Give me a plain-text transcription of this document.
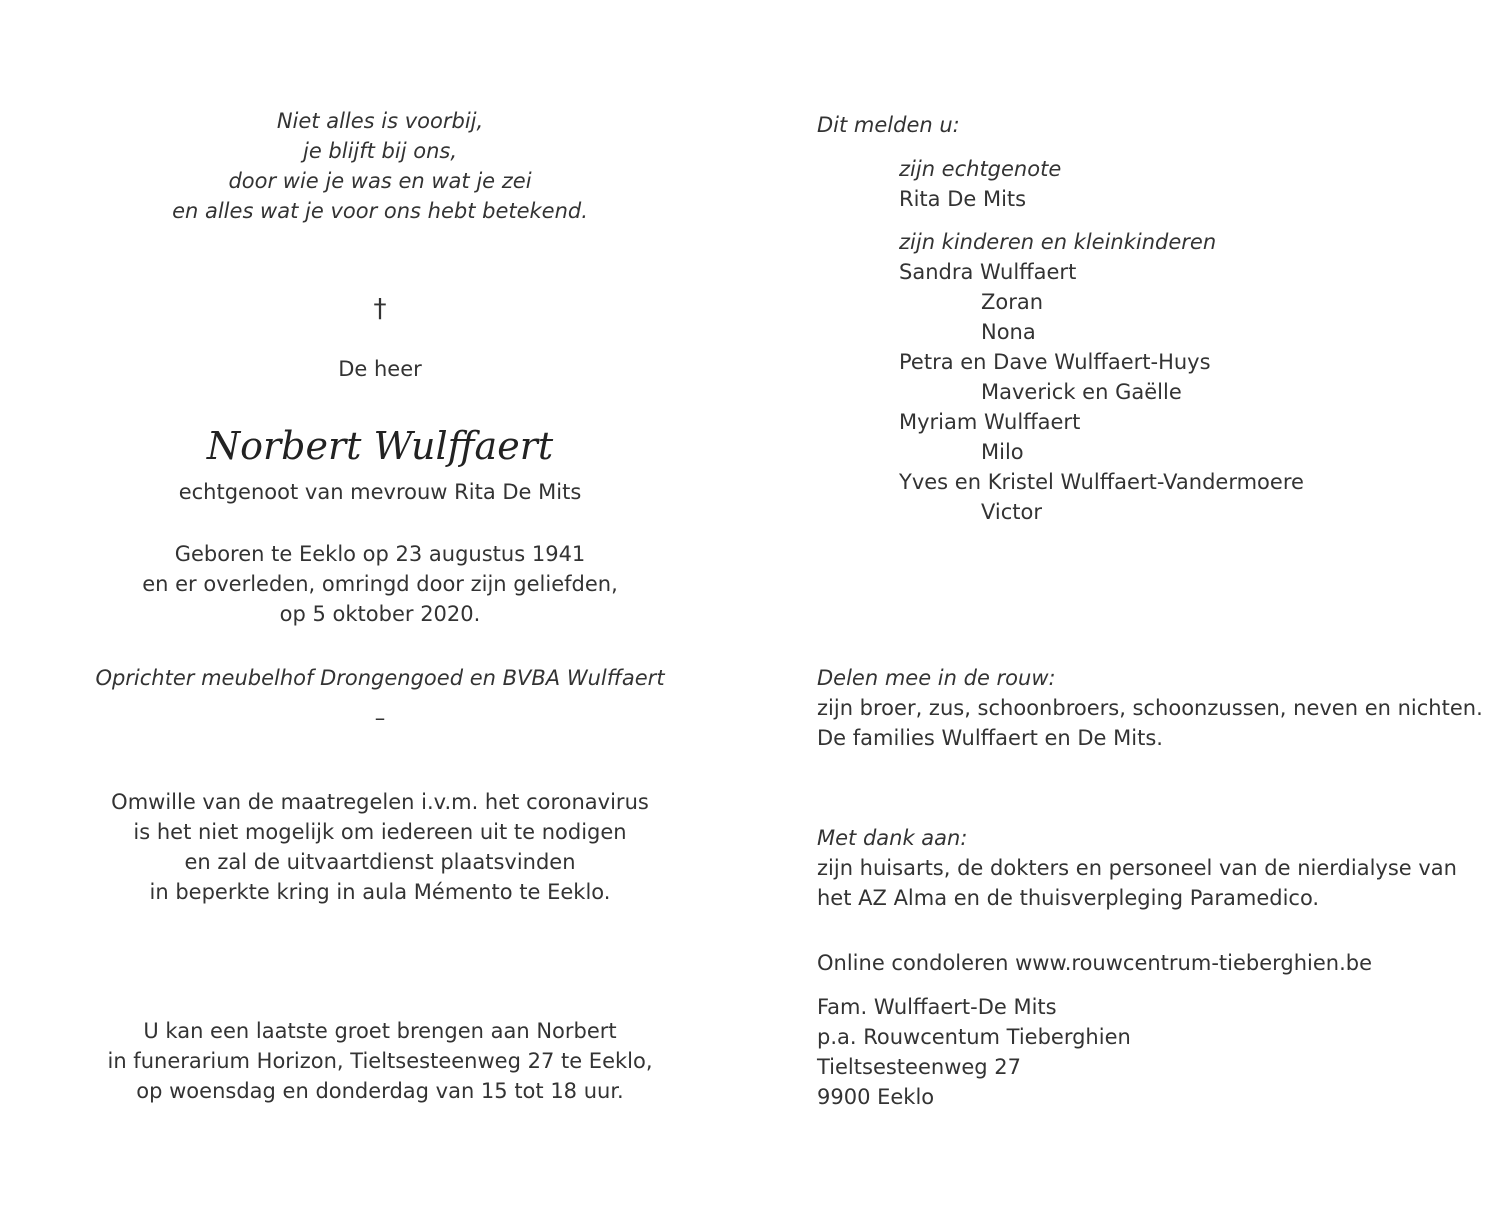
Niet alles is voorbij,
je blijft bij ons,
door wie je was en wat je zei
en alles wat je voor ons hebt betekend.
†
De heer
Norbert Wulffaert
echtgenoot van mevrouw Rita De Mits
Geboren te Eeklo op 23 augustus 1941
en er overleden, omringd door zijn geliefden,
op 5 oktober 2020.
Oprichter meubelhof Drongengoed en BVBA Wulffaert
–
Omwille van de maatregelen i.v.m. het coronavirus
is het niet mogelijk om iedereen uit te nodigen
en zal de uitvaartdienst plaatsvinden
in beperkte kring in aula Mémento te Eeklo.
U kan een laatste groet brengen aan Norbert
in funerarium Horizon, Tieltsesteenweg 27 te Eeklo,
op woensdag en donderdag van 15 tot 18 uur.
Dit melden u:
zijn echtgenote
Rita De Mits
zijn kinderen en kleinkinderen
Sandra Wulffaert
Zoran
Nona
Petra en Dave Wulffaert-Huys
Maverick en Gaëlle
Myriam Wulffaert
Milo
Yves en Kristel Wulffaert-Vandermoere
Victor
Delen mee in de rouw:
zijn broer, zus, schoonbroers, schoonzussen, neven en nichten.
De families Wulffaert en De Mits.
Met dank aan:
zijn huisarts, de dokters en personeel van de nierdialyse van
het AZ Alma en de thuisverpleging Paramedico.
Online condoleren www.rouwcentrum-tieberghien.be
Fam. Wulffaert-De Mits
p.a. Rouwcentum Tieberghien
Tieltsesteenweg 27
9900 Eeklo
